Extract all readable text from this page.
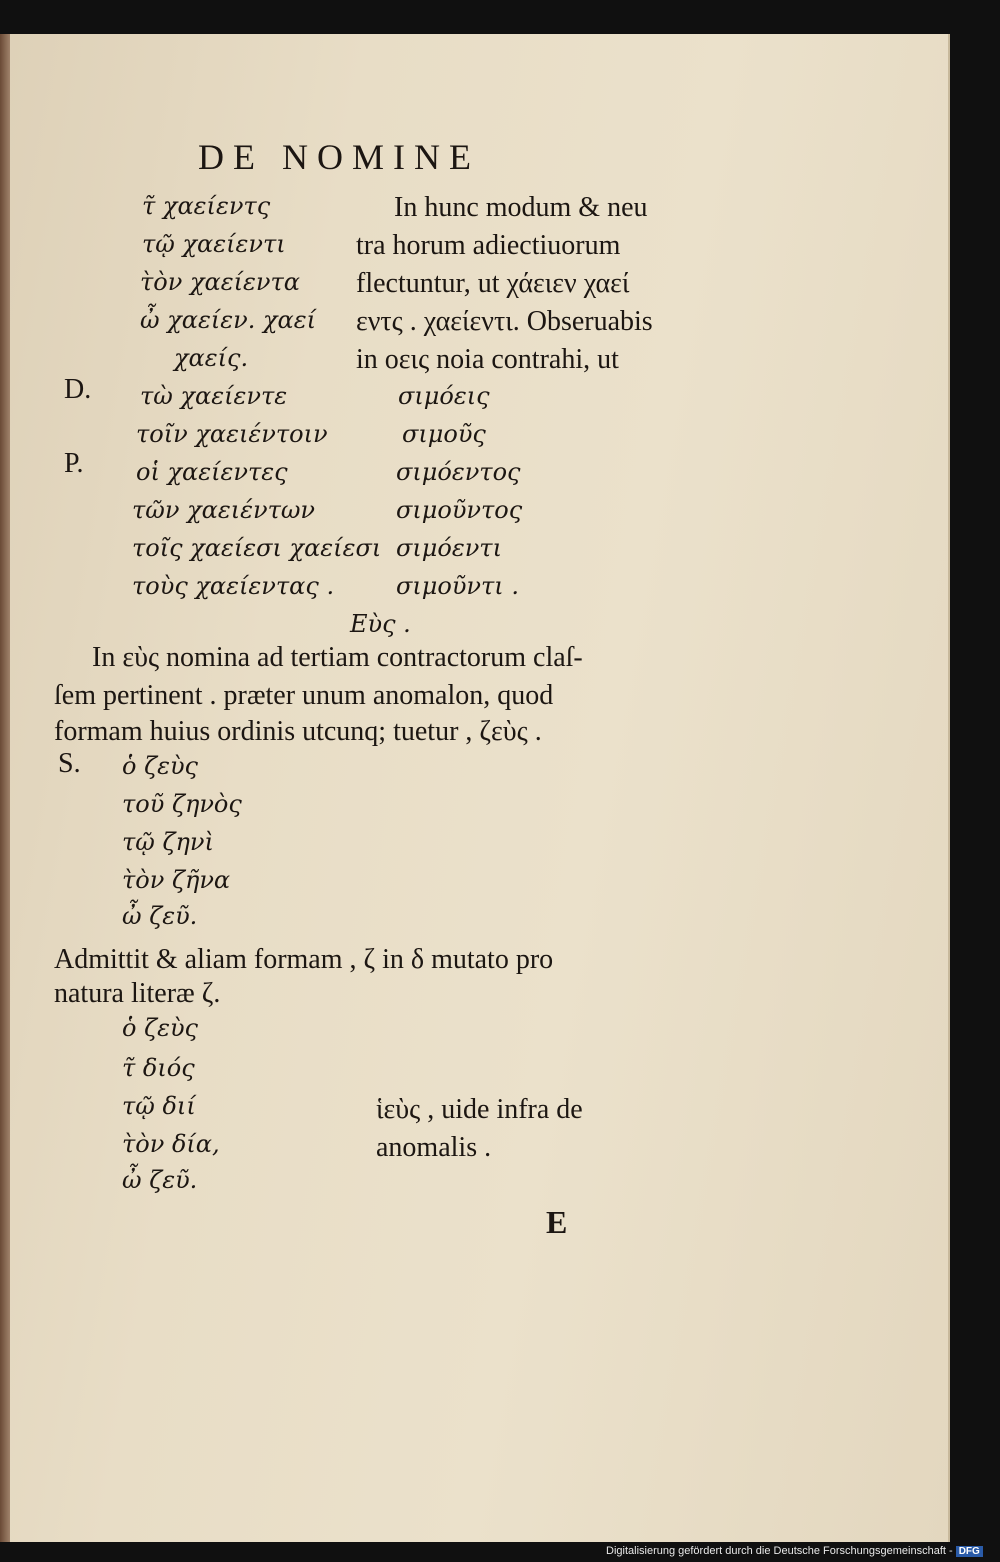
DE NOMINE
τ̃ χαείεντς
τῷ χαείεντι
τ̀ὸν χαείεντα
ὦ χαείεν. χαεί
χαείς.
In hunc modum & neu
tra horum adiectiuorum
flectuntur, ut χάειεν χαεί
εντς . χαείεντι. Obseruabis
in οεις noia contrahi, ut
D.
P.
S.
τὼ χαείεντε
τοῖν χαειέντοιν
οἱ χαείεντες
τῶν χαειέντων
τοῖς χαείεσι χαείεσι
τοὺς χαείεντας .
σιμόεις
σιμοῦς
σιμόεντος
σιμοῦντος
σιμόεντι
σιμοῦντι .
Εὺς .
In εὺς nomina ad tertiam contractorum claſ-
ſem pertinent . præter unum anomalon, quod
formam huius ordinis utcunq; tuetur , ζεὺς .
ὁ ζεὺς
τοῦ ζηνὸς
τῷ ζηνὶ
τ̀ὸν ζῆνα
ὦ ζεῦ.
Admittit & aliam formam , ζ in δ mutato pro
natura literæ ζ.
ὁ ζεὺς
τ̃ διός
τῷ διί
τ̀ὸν δία,
ὦ ζεῦ.
ἱεὺς , uide infra de
anomalis .
E
Digitalisierung gefördert durch die Deutsche Forschungsgemeinschaft - DFG
